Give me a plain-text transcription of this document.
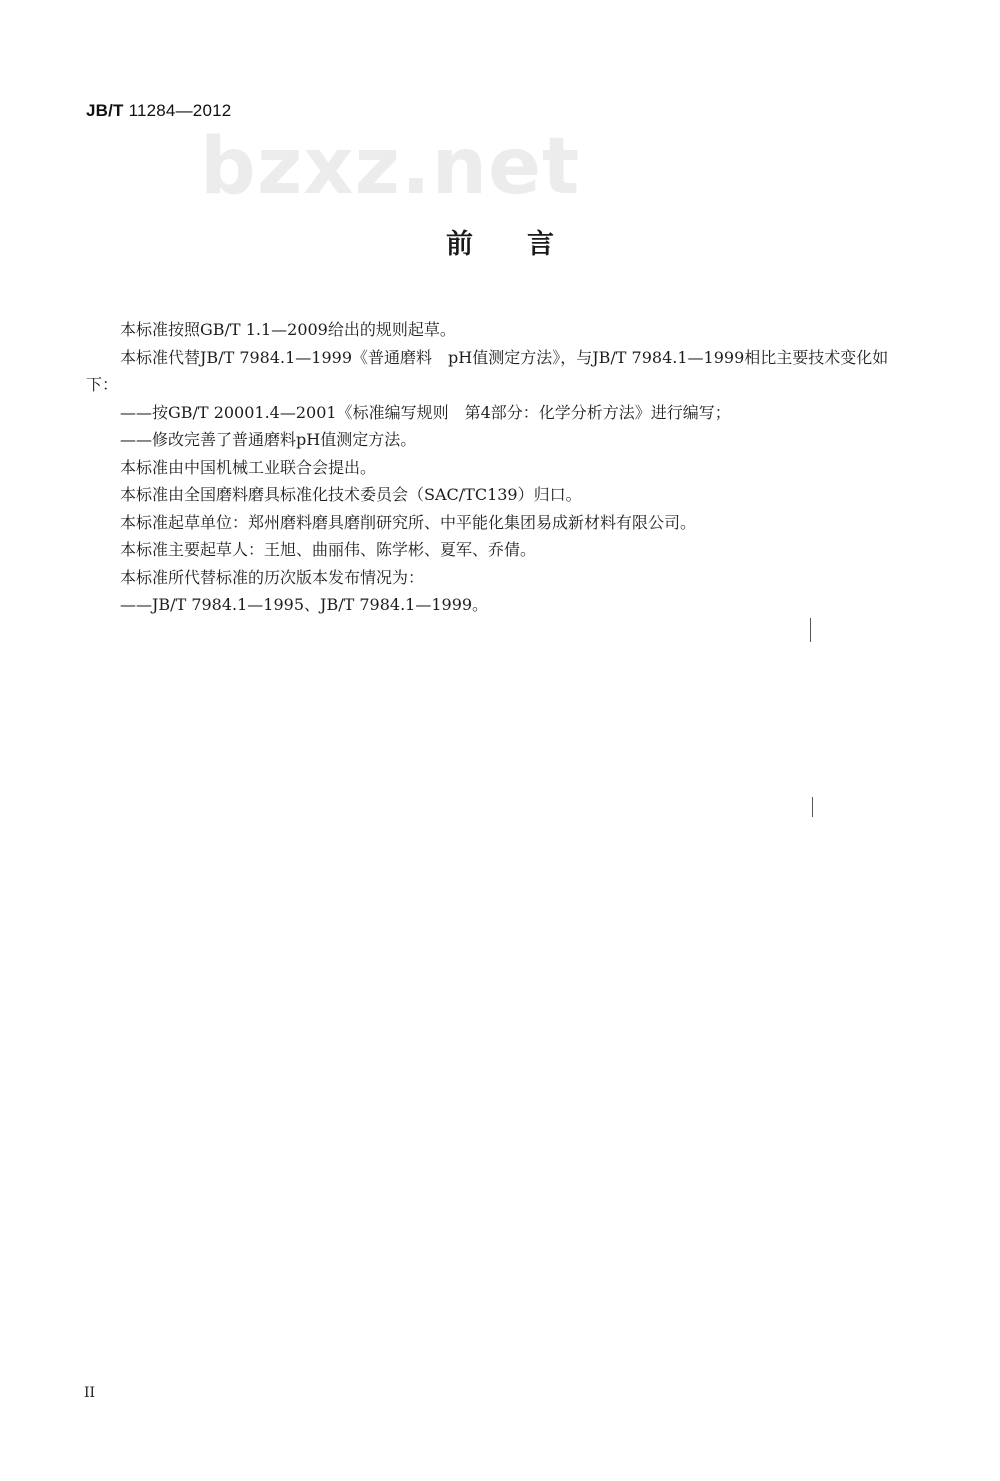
JB/T 11284—2012
bzxz.net
前言

本标准按照GB/T 1.1—2009给出的规则起草。

本标准代替JB/T 7984.1—1999《普通磨料　pH值测定方法》，与JB/T 7984.1—1999相比主要技术变化如下：

——按GB/T 20001.4—2001《标准编写规则　第4部分：化学分析方法》进行编写；

——修改完善了普通磨料pH值测定方法。

本标准由中国机械工业联合会提出。

本标准由全国磨料磨具标准化技术委员会（SAC/TC139）归口。

本标准起草单位：郑州磨料磨具磨削研究所、中平能化集团易成新材料有限公司。

本标准主要起草人：王旭、曲丽伟、陈学彬、夏军、乔倩。

本标准所代替标准的历次版本发布情况为：

——JB/T 7984.1—1995、JB/T 7984.1—1999。

II
